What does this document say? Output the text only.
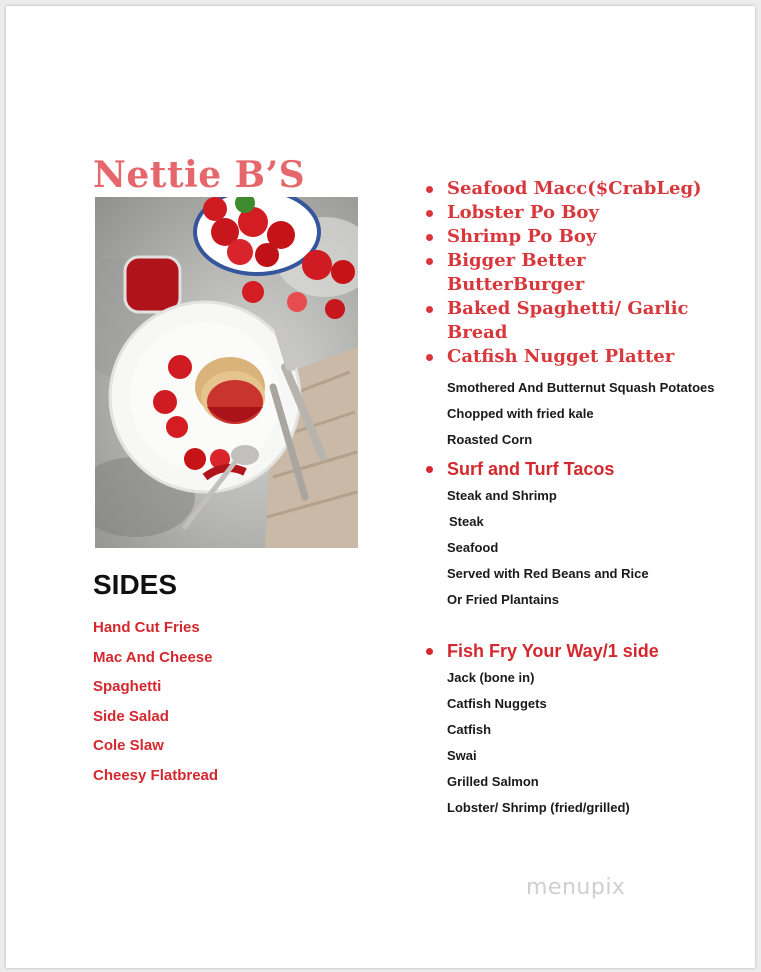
Nettie B’S
SIDES
Hand Cut Fries
Mac And Cheese
Spaghetti
Side Salad
Cole Slaw
Cheesy Flatbread
Seafood Macc($CrabLeg)
Lobster Po Boy
Shrimp Po Boy
Bigger Better ButterBurger
Baked Spaghetti/ Garlic Bread
Catfish Nugget Platter
Smothered And Butternut Squash Potatoes
Chopped with fried kale
Roasted Corn
Surf and Turf Tacos
Steak and Shrimp
Steak
Seafood
Served with Red Beans and Rice
Or Fried Plantains
Fish Fry Your Way/1 side
Jack (bone in)
Catfish Nuggets
Catfish
Swai
Grilled Salmon
Lobster/ Shrimp (fried/grilled)
menupix
